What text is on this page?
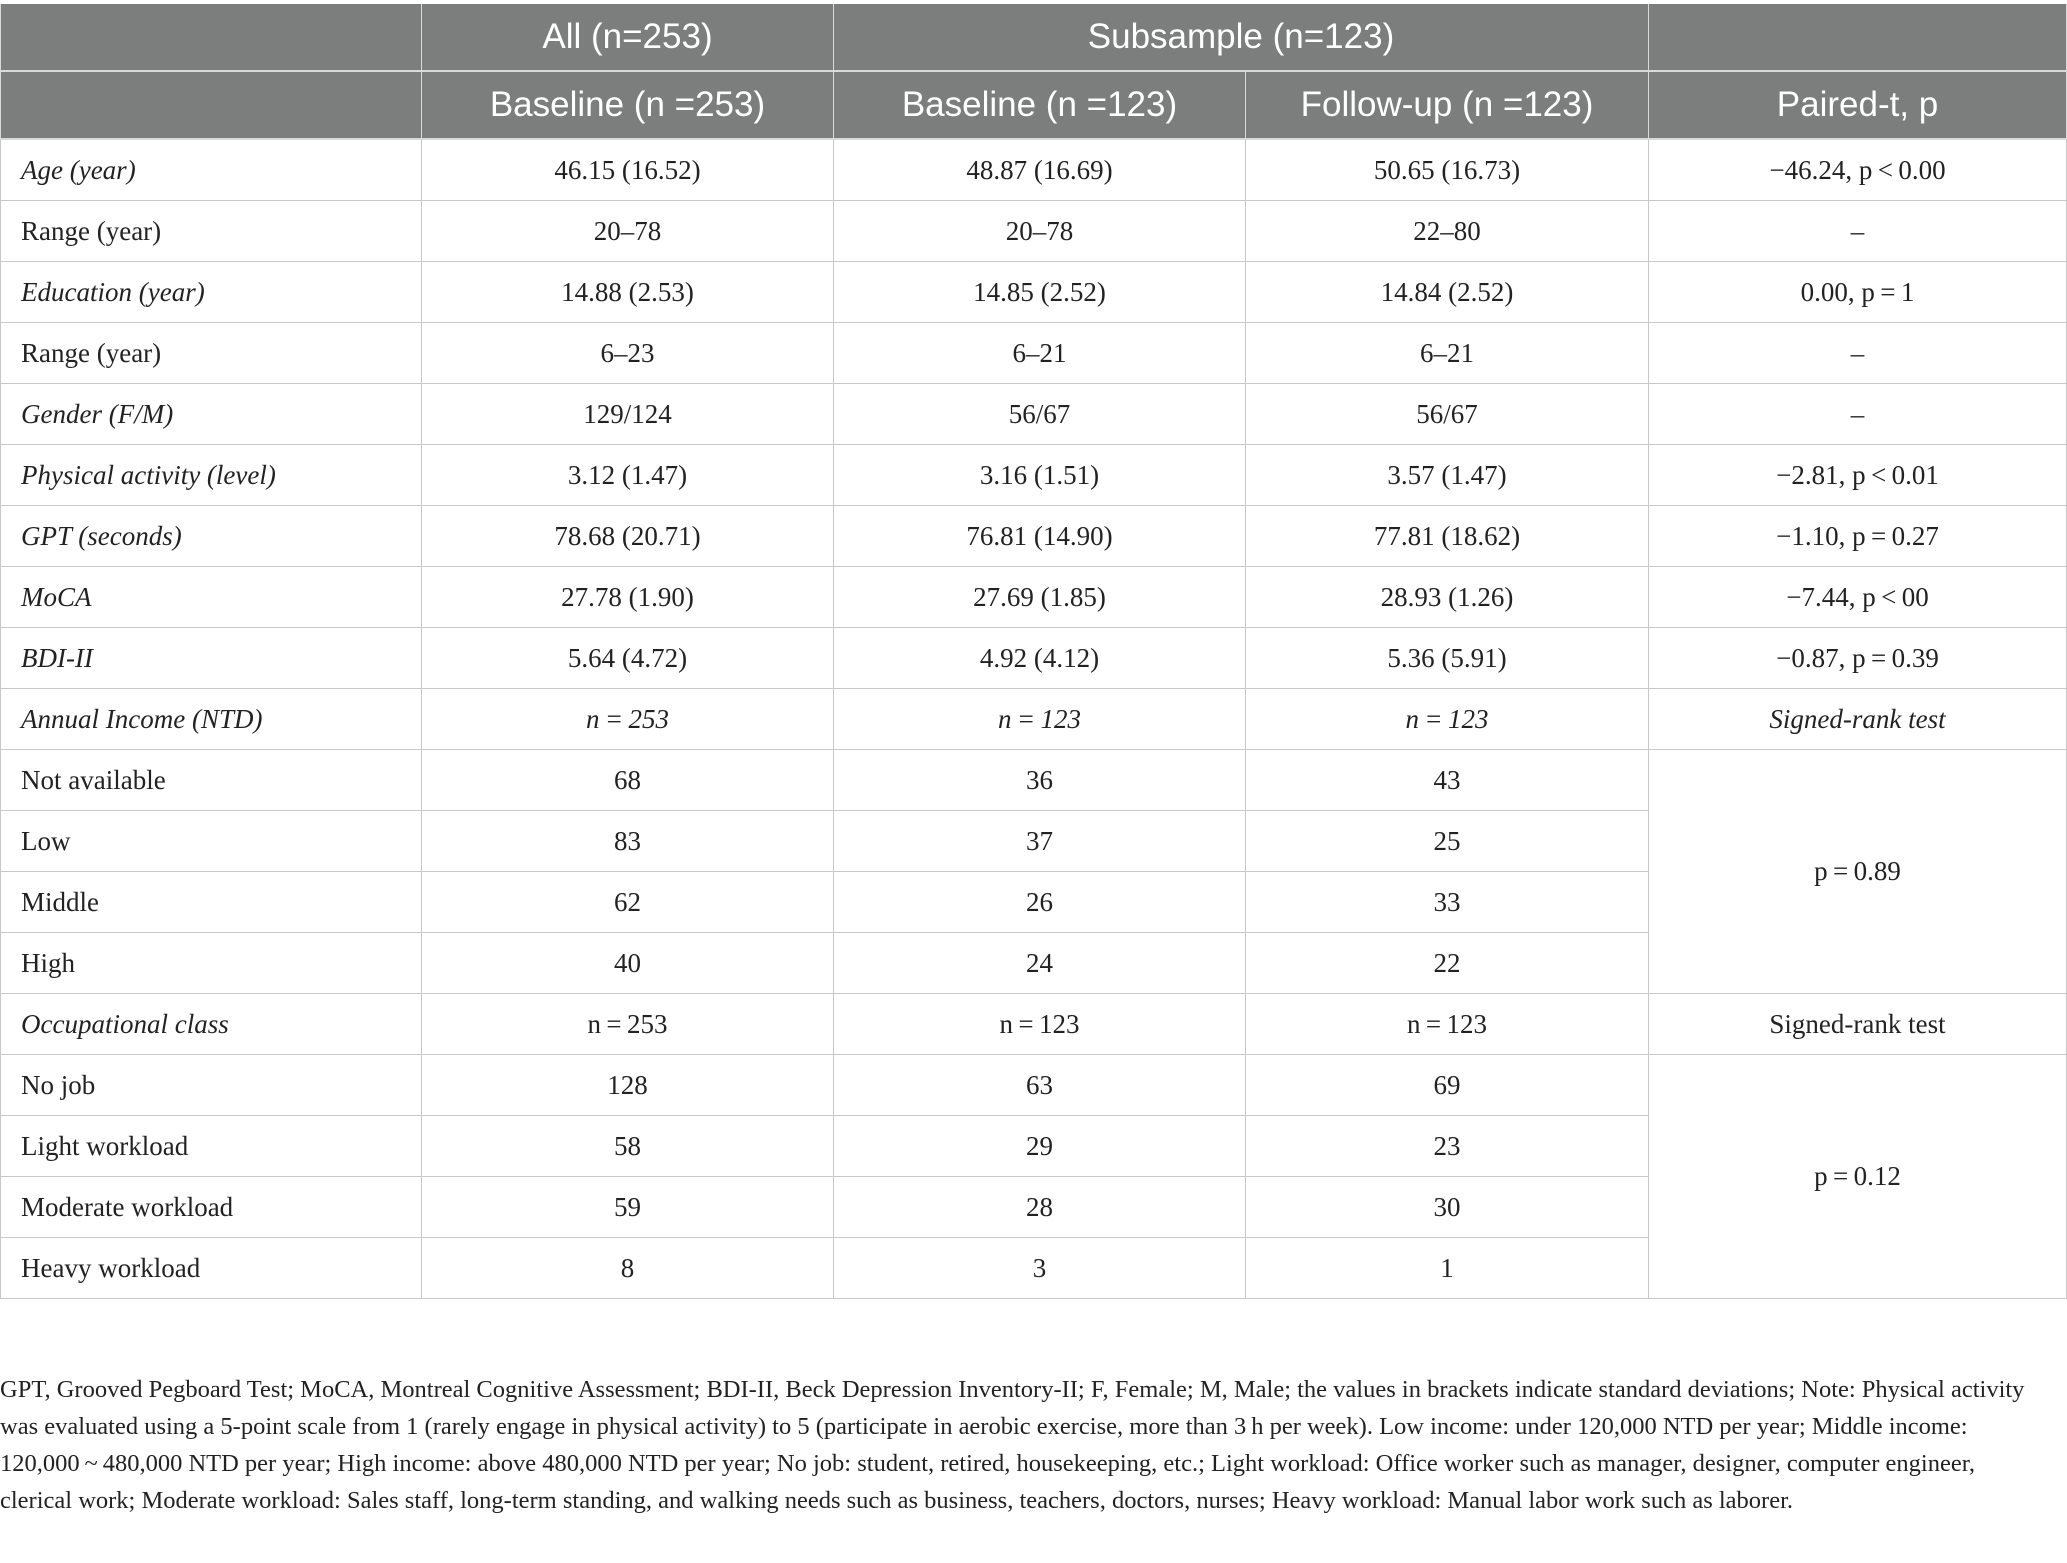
	All (n=253)	Subsample (n=123)		
	Baseline (n =253)	Baseline (n =123)	Follow-up (n =123)	Paired-t, p
Age (year)	46.15 (16.52)	48.87 (16.69)	50.65 (16.73)	−46.24, p < 0.00
Range (year)	20–78	20–78	22–80	–
Education (year)	14.88 (2.53)	14.85 (2.52)	14.84 (2.52)	0.00, p = 1
Range (year)	6–23	6–21	6–21	–
Gender (F/M)	129/124	56/67	56/67	–
Physical activity (level)	3.12 (1.47)	3.16 (1.51)	3.57 (1.47)	−2.81, p < 0.01
GPT (seconds)	78.68 (20.71)	76.81 (14.90)	77.81 (18.62)	−1.10, p = 0.27
MoCA	27.78 (1.90)	27.69 (1.85)	28.93 (1.26)	−7.44, p < 00
BDI-II	5.64 (4.72)	4.92 (4.12)	5.36 (5.91)	−0.87, p = 0.39
Annual Income (NTD)	n = 253	n = 123	n = 123	Signed-rank test
Not available	68	36	43	p = 0.89
Low	83	37	25	
Middle	62	26	33	
High	40	24	22	
Occupational class	n = 253	n = 123	n = 123	Signed-rank test
No job	128	63	69	p = 0.12
Light workload	58	29	23	
Moderate workload	59	28	30	
Heavy workload	8	3	1	
GPT, Grooved Pegboard Test; MoCA, Montreal Cognitive Assessment; BDI-II, Beck Depression Inventory-II; F, Female; M, Male; the values in brackets indicate standard deviations; Note: Physical activity was evaluated using a 5-point scale from 1 (rarely engage in physical activity) to 5 (participate in aerobic exercise, more than 3 h per week). Low income: under 120,000 NTD per year; Middle income: 120,000 ~ 480,000 NTD per year; High income: above 480,000 NTD per year; No job: student, retired, housekeeping, etc.; Light workload: Office worker such as manager, designer, computer engineer, clerical work; Moderate workload: Sales staff, long-term standing, and walking needs such as business, teachers, doctors, nurses; Heavy workload: Manual labor work such as laborer.
